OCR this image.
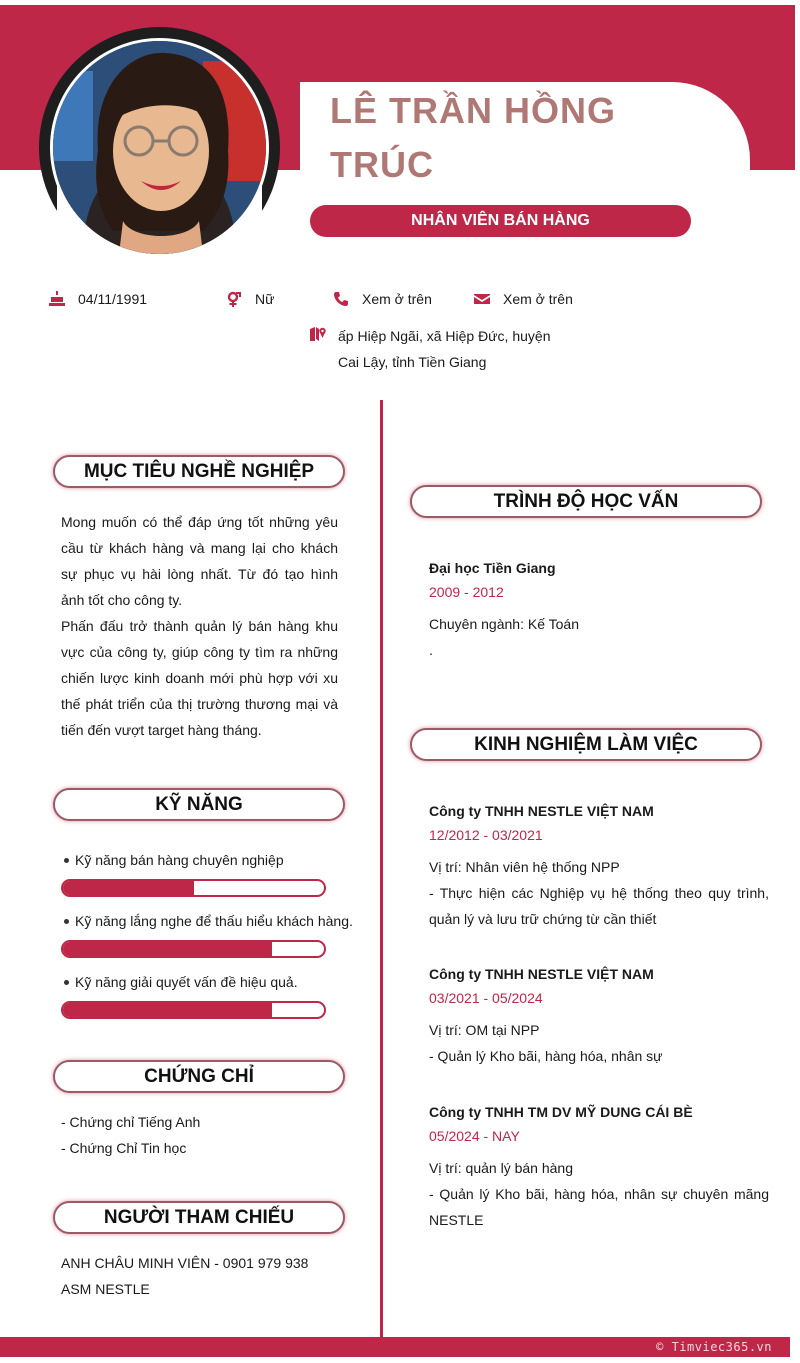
LÊ TRẦN HỒNG TRÚC
NHÂN VIÊN BÁN HÀNG
04/11/1991	Nữ	Xem ở trên	Xem ở trên
ấp Hiệp Ngãi, xã Hiệp Đức, huyện Cai Lậy, tỉnh Tiền Giang
MỤC TIÊU NGHỀ NGHIỆP

Mong muốn có thể đáp ứng tốt những yêu cầu từ khách hàng và mang lại cho khách sự phục vụ hài lòng nhất. Từ đó tạo hình ảnh tốt cho công ty.

Phấn đấu trở thành quản lý bán hàng khu vực của công ty, giúp công ty tìm ra những chiến lược kinh doanh mới phù hợp với xu thế phát triển của thị trường thương mại và tiến đến vượt target hàng tháng.

KỸ NĂNG
Kỹ năng bán hàng chuyên nghiệp
Kỹ năng lắng nghe để thấu hiểu khách hàng.
Kỹ năng giải quyết vấn đề hiệu quả.
CHỨNG CHỈ

- Chứng chỉ Tiếng Anh

- Chứng Chỉ Tin học

NGƯỜI THAM CHIẾU

ANH CHÂU MINH VIÊN - 0901 979 938

ASM NESTLE

TRÌNH ĐỘ HỌC VẤN
Đại học Tiền Giang
2009 - 2012
Chuyên ngành: Kế Toán
.
KINH NGHIỆM LÀM VIỆC
Công ty TNHH NESTLE VIỆT NAM
12/2012 - 03/2021
Vị trí: Nhân viên hệ thống NPP
- Thực hiện các Nghiệp vụ hệ thống theo quy trình, quản lý và lưu trữ chứng từ cần thiết
Công ty TNHH NESTLE VIỆT NAM
03/2021 - 05/2024
Vị trí: OM tại NPP
- Quản lý Kho bãi, hàng hóa, nhân sự
Công ty TNHH TM DV MỸ DUNG CÁI BÈ
05/2024 - NAY
Vị trí: quản lý bán hàng
- Quản lý Kho bãi, hàng hóa, nhân sự chuyên mãng NESTLE
© Timviec365.vn
